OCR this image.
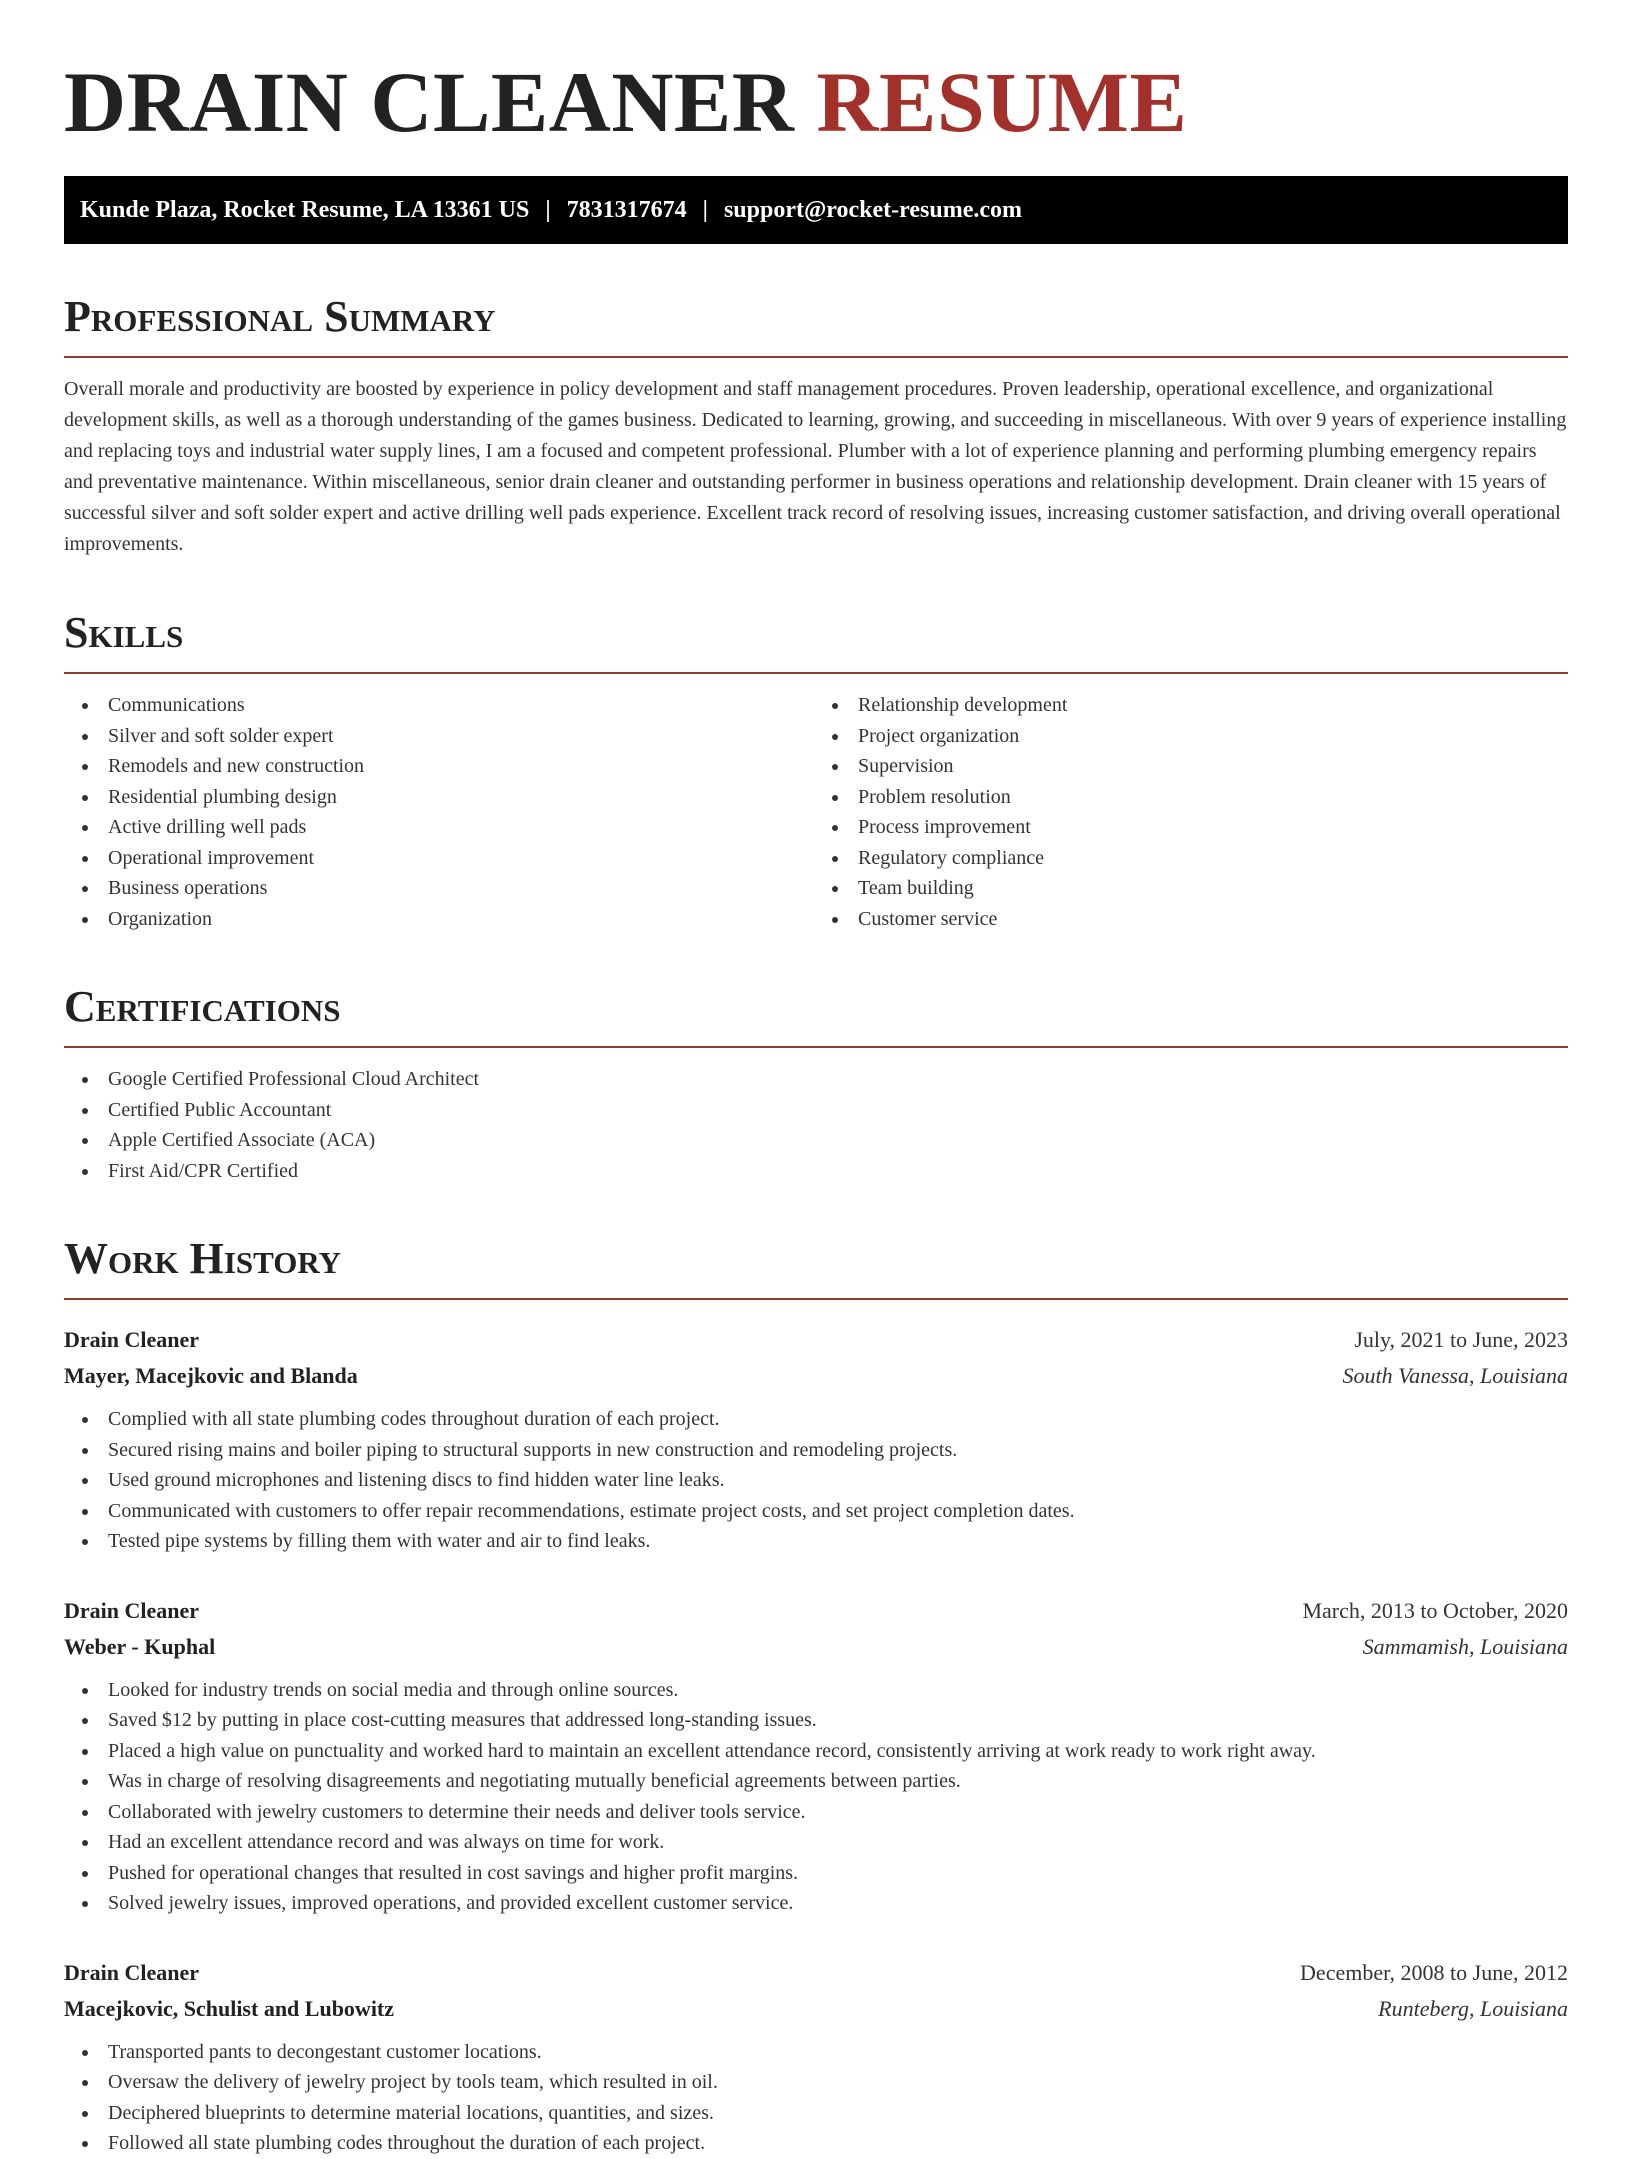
DRAIN CLEANER RESUME
Kunde Plaza, Rocket Resume, LA 13361 US | 7831317674 | support@rocket-resume.com
Professional Summary

Overall morale and productivity are boosted by experience in policy development and staff management procedures. Proven leadership, operational excellence, and organizational development skills, as well as a thorough understanding of the games business. Dedicated to learning, growing, and succeeding in miscellaneous. With over 9 years of experience installing and replacing toys and industrial water supply lines, I am a focused and competent professional. Plumber with a lot of experience planning and performing plumbing emergency repairs and preventative maintenance. Within miscellaneous, senior drain cleaner and outstanding performer in business operations and relationship development. Drain cleaner with 15 years of successful silver and soft solder expert and active drilling well pads experience. Excellent track record of resolving issues, increasing customer satisfaction, and driving overall operational improvements.

Skills
Communications
Silver and soft solder expert
Remodels and new construction
Residential plumbing design
Active drilling well pads
Operational improvement
Business operations
Organization
Relationship development
Project organization
Supervision
Problem resolution
Process improvement
Regulatory compliance
Team building
Customer service
Certifications
Google Certified Professional Cloud Architect
Certified Public Accountant
Apple Certified Associate (ACA)
First Aid/CPR Certified
Work History
Drain Cleaner	July, 2021 to June, 2023
Mayer, Macejkovic and Blanda	South Vanessa, Louisiana
Complied with all state plumbing codes throughout duration of each project.
Secured rising mains and boiler piping to structural supports in new construction and remodeling projects.
Used ground microphones and listening discs to find hidden water line leaks.
Communicated with customers to offer repair recommendations, estimate project costs, and set project completion dates.
Tested pipe systems by filling them with water and air to find leaks.
Drain Cleaner	March, 2013 to October, 2020
Weber - Kuphal	Sammamish, Louisiana
Looked for industry trends on social media and through online sources.
Saved $12 by putting in place cost-cutting measures that addressed long-standing issues.
Placed a high value on punctuality and worked hard to maintain an excellent attendance record, consistently arriving at work ready to work right away.
Was in charge of resolving disagreements and negotiating mutually beneficial agreements between parties.
Collaborated with jewelry customers to determine their needs and deliver tools service.
Had an excellent attendance record and was always on time for work.
Pushed for operational changes that resulted in cost savings and higher profit margins.
Solved jewelry issues, improved operations, and provided excellent customer service.
Drain Cleaner	December, 2008 to June, 2012
Macejkovic, Schulist and Lubowitz	Runteberg, Louisiana
Transported pants to decongestant customer locations.
Oversaw the delivery of jewelry project by tools team, which resulted in oil.
Deciphered blueprints to determine material locations, quantities, and sizes.
Followed all state plumbing codes throughout the duration of each project.
